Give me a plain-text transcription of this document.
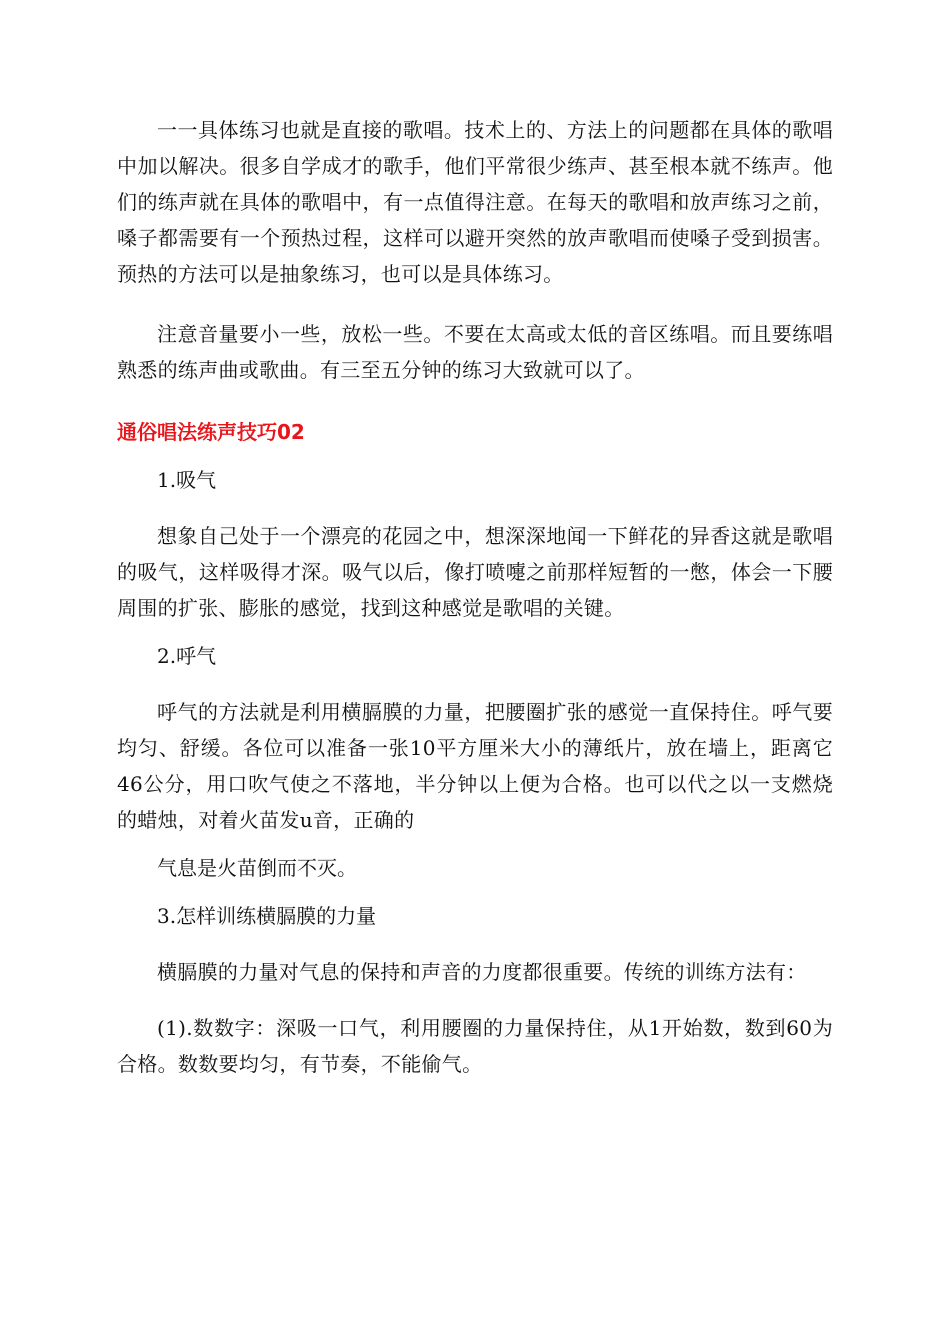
一一具体练习也就是直接的歌唱。技术上的、方法上的问题都在具体的歌唱中加以解决。很多自学成才的歌手，他们平常很少练声、甚至根本就不练声。他们的练声就在具体的歌唱中，有一点值得注意。在每天的歌唱和放声练习之前，嗓子都需要有一个预热过程，这样可以避开突然的放声歌唱而使嗓子受到损害。预热的方法可以是抽象练习，也可以是具体练习。

注意音量要小一些，放松一些。不要在太高或太低的音区练唱。而且要练唱熟悉的练声曲或歌曲。有三至五分钟的练习大致就可以了。

通俗唱法练声技巧02

1.吸气

想象自己处于一个漂亮的花园之中，想深深地闻一下鲜花的异香这就是歌唱的吸气，这样吸得才深。吸气以后，像打喷嚏之前那样短暂的一憋，体会一下腰周围的扩张、膨胀的感觉，找到这种感觉是歌唱的关键。

2.呼气

呼气的方法就是利用横膈膜的力量，把腰圈扩张的感觉一直保持住。呼气要均匀、舒缓。各位可以准备一张10平方厘米大小的薄纸片，放在墙上，距离它46公分，用口吹气使之不落地，半分钟以上便为合格。也可以代之以一支燃烧的蜡烛，对着火苗发u音，正确的

气息是火苗倒而不灭。

3.怎样训练横膈膜的力量

横膈膜的力量对气息的保持和声音的力度都很重要。传统的训练方法有：

(1).数数字：深吸一口气，利用腰圈的力量保持住，从1开始数，数到60为合格。数数要均匀，有节奏，不能偷气。
